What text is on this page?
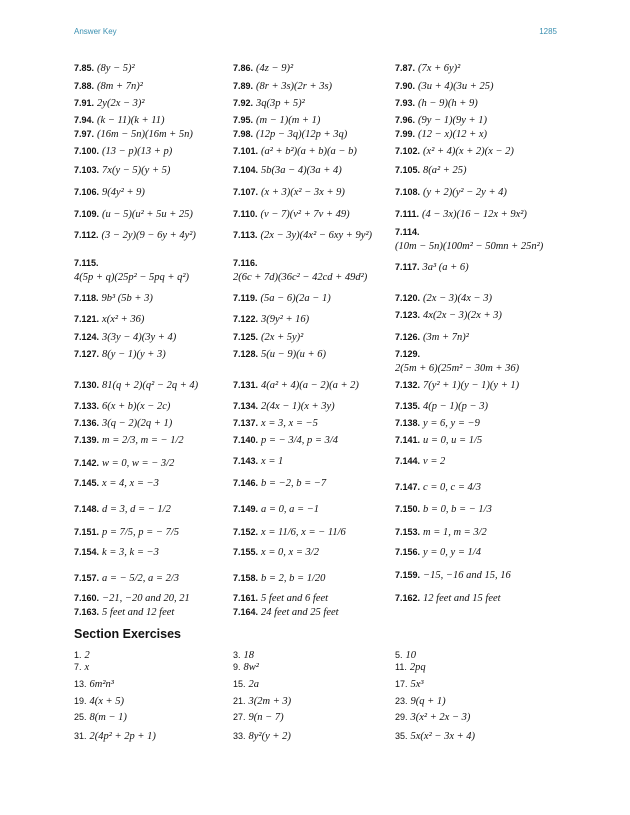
Answer Key	1285
7.85. (8y − 5)²
7.88. (8m + 7n)²
7.91. 2y(2x − 3)²
7.94. (k − 11)(k + 11)
7.97. (16m − 5n)(16m + 5n)
7.100. (13 − p)(13 + p)
7.103. 7x(y − 5)(y + 5)
7.106. 9(4y² + 9)
7.109. (u − 5)(u² + 5u + 25)
7.112. (3 − 2y)(9 − 6y + 4y²)
7.115.
4(5p + q)(25p² − 5pq + q²)
7.118. 9b³ (5b + 3)
7.121. x(x² + 36)
7.124. 3(3y − 4)(3y + 4)
7.127. 8(y − 1)(y + 3)
7.130. 81(q + 2)(q² − 2q + 4)
7.133. 6(x + b)(x − 2c)
7.136. 3(q − 2)(2q + 1)
7.139. m = 2/3, m = − 1/2
7.142. w = 0, w = − 3/2
7.145. x = 4, x = −3
7.148. d = 3, d = − 1/2
7.151. p = 7/5, p = − 7/5
7.154. k = 3, k = −3
7.157. a = − 5/2, a = 2/3
7.160. −21, −20 and 20, 21
7.163. 5 feet and 12 feet
7.86. (4z − 9)²
7.89. (8r + 3s)(2r + 3s)
7.92. 3q(3p + 5)²
7.95. (m − 1)(m + 1)
7.98. (12p − 3q)(12p + 3q)
7.101. (a² + b²)(a + b)(a − b)
7.104. 5b(3a − 4)(3a + 4)
7.107. (x + 3)(x² − 3x + 9)
7.110. (v − 7)(v² + 7v + 49)
7.113. (2x − 3y)(4x² − 6xy + 9y²)
7.116.
2(6c + 7d)(36c² − 42cd + 49d²)
7.119. (5a − 6)(2a − 1)
7.122. 3(9y² + 16)
7.125. (2x + 5y)²
7.128. 5(u − 9)(u + 6)
7.131. 4(a² + 4)(a − 2)(a + 2)
7.134. 2(4x − 1)(x + 3y)
7.137. x = 3, x = −5
7.140. p = − 3/4, p = 3/4
7.143. x = 1
7.146. b = −2, b = −7
7.149. a = 0, a = −1
7.152. x = 11/6, x = − 11/6
7.155. x = 0, x = 3/2
7.158. b = 2, b = 1/20
7.161. 5 feet and 6 feet
7.164. 24 feet and 25 feet
7.87. (7x + 6y)²
7.90. (3u + 4)(3u + 25)
7.93. (h − 9)(h + 9)
7.96. (9y − 1)(9y + 1)
7.99. (12 − x)(12 + x)
7.102. (x² + 4)(x + 2)(x − 2)
7.105. 8(a² + 25)
7.108. (y + 2)(y² − 2y + 4)
7.111. (4 − 3x)(16 − 12x + 9x²)
7.114.
(10m − 5n)(100m² − 50mn + 25n²)
7.117. 3a³ (a + 6)
7.120. (2x − 3)(4x − 3)
7.123. 4x(2x − 3)(2x + 3)
7.126. (3m + 7n)²
7.129.
2(5m + 6)(25m² − 30m + 36)
7.132. 7(y² + 1)(y − 1)(y + 1)
7.135. 4(p − 1)(p − 3)
7.138. y = 6, y = −9
7.141. u = 0, u = 1/5
7.144. v = 2
7.147. c = 0, c = 4/3
7.150. b = 0, b = − 1/3
7.153. m = 1, m = 3/2
7.156. y = 0, y = 1/4
7.159. −15, −16 and 15, 16
7.162. 12 feet and 15 feet
Section Exercises
1. 2
7. x
13. 6m²n³
19. 4(x + 5)
25. 8(m − 1)
31. 2(4p² + 2p + 1)
3. 18
9. 8w²
15. 2a
21. 3(2m + 3)
27. 9(n − 7)
33. 8y²(y + 2)
5. 10
11. 2pq
17. 5x³
23. 9(q + 1)
29. 3(x² + 2x − 3)
35. 5x(x² − 3x + 4)
